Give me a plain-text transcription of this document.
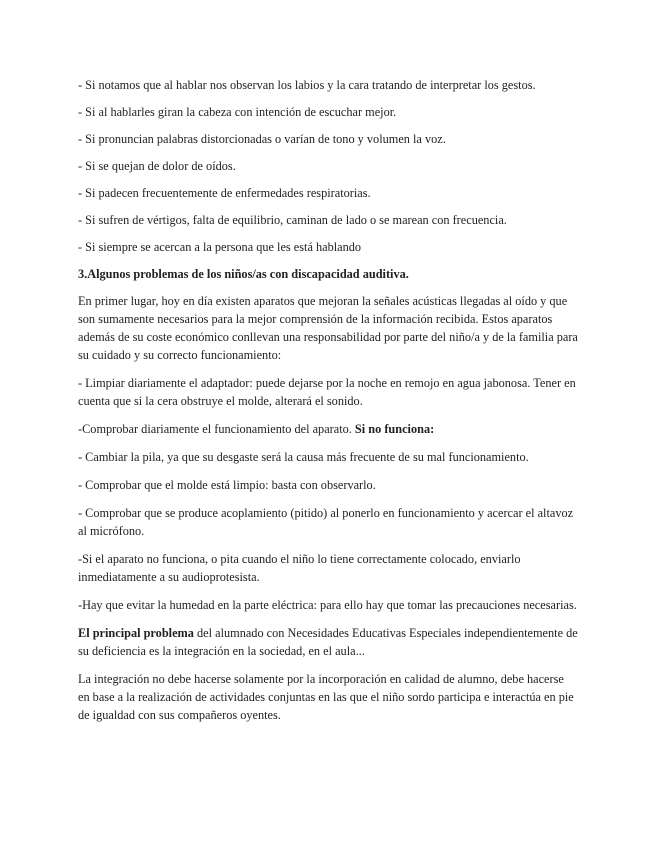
- Si notamos que al hablar nos observan los labios y la cara tratando de interpretar los gestos.

- Si al hablarles giran la cabeza con intención de escuchar mejor.

- Si pronuncian palabras distorcionadas o varían de tono y volumen la voz.

- Si se quejan de dolor de oídos.

- Si padecen frecuentemente de enfermedades respiratorias.

- Si sufren de vértigos, falta de equilibrio, caminan de lado o se marean con frecuencia.

- Si siempre se acercan a la persona que les está hablando

3.Algunos problemas de los niños/as con discapacidad auditiva.

En primer lugar, hoy en día existen aparatos que mejoran la señales acústicas llegadas al oído y que son sumamente necesarios para la mejor comprensión de la información recibida. Estos aparatos además de su coste económico conllevan una responsabilidad por parte del niño/a y de la familia para su cuidado y su correcto funcionamiento:

- Limpiar diariamente el adaptador: puede dejarse por la noche en remojo en agua jabonosa. Tener en cuenta que si la cera obstruye el molde, alterará el sonido.

-Comprobar diariamente el funcionamiento del aparato. Si no funciona:

- Cambiar la pila, ya que su desgaste será la causa más frecuente de su mal funcionamiento.

- Comprobar que el molde está limpio: basta con observarlo.

- Comprobar que se produce acoplamiento (pitido) al ponerlo en funcionamiento y acercar el altavoz al micrófono.

-Si el aparato no funciona, o pita cuando el niño lo tiene correctamente colocado, enviarlo inmediatamente a su audioprotesista.

-Hay que evitar la humedad en la parte eléctrica: para ello hay que tomar las precauciones necesarias.

El principal problema del alumnado con Necesidades Educativas Especiales independientemente de su deficiencia es la integración en la sociedad, en el aula...

La integración no debe hacerse solamente por la incorporación en calidad de alumno, debe hacerse en base a la realización de actividades conjuntas en las que el niño sordo participa e interactúa en pie de igualdad con sus compañeros oyentes.
